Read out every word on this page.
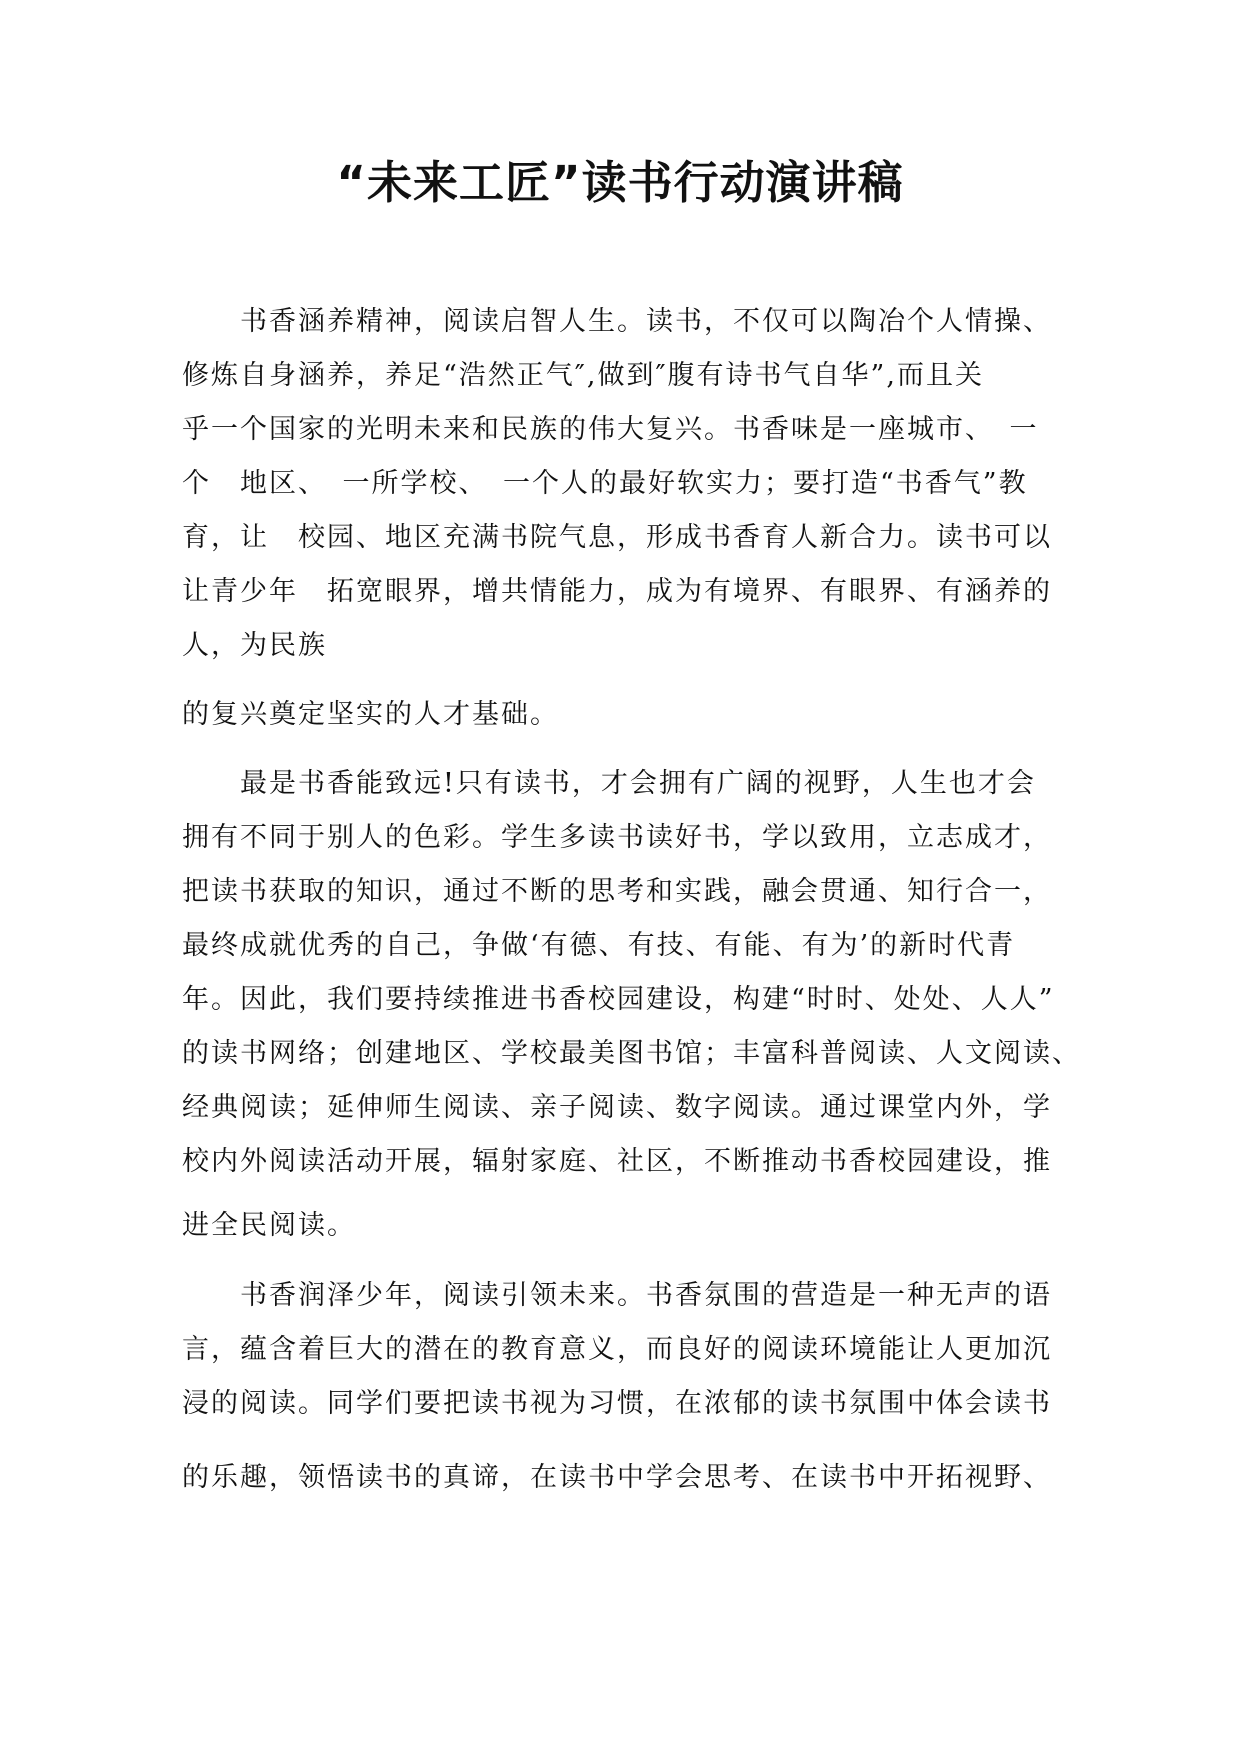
“未来工匠”读书行动演讲稿

　　书香涵养精神，阅读启智人生。读书，不仅可以陶冶个人情操、

修炼自身涵养，养足“浩然正气″,做到″腹有诗书气自华”,而且关

乎一个国家的光明未来和民族的伟大复兴。书香味是一座城市、　一

个　地区、　一所学校、　一个人的最好软实力；要打造“书香气”教

育，让　校园、地区充满书院气息，形成书香育人新合力。读书可以

让青少年　拓宽眼界，增共情能力，成为有境界、有眼界、有涵养的

人，为民族

的复兴奠定坚实的人才基础。

　　最是书香能致远!只有读书，才会拥有广阔的视野，人生也才会

拥有不同于别人的色彩。学生多读书读好书，学以致用，立志成才，

把读书获取的知识，通过不断的思考和实践，融会贯通、知行合一，

最终成就优秀的自己，争做‘有德、有技、有能、有为’的新时代青

年。因此，我们要持续推进书香校园建设，构建“时时、处处、人人”

的读书网络；创建地区、学校最美图书馆；丰富科普阅读、人文阅读、

经典阅读；延伸师生阅读、亲子阅读、数字阅读。通过课堂内外，学

校内外阅读活动开展，辐射家庭、社区，不断推动书香校园建设，推

进全民阅读。

　　书香润泽少年，阅读引领未来。书香氛围的营造是一种无声的语

言，蕴含着巨大的潜在的教育意义，而良好的阅读环境能让人更加沉

浸的阅读。同学们要把读书视为习惯，在浓郁的读书氛围中体会读书

的乐趣，领悟读书的真谛，在读书中学会思考、在读书中开拓视野、
